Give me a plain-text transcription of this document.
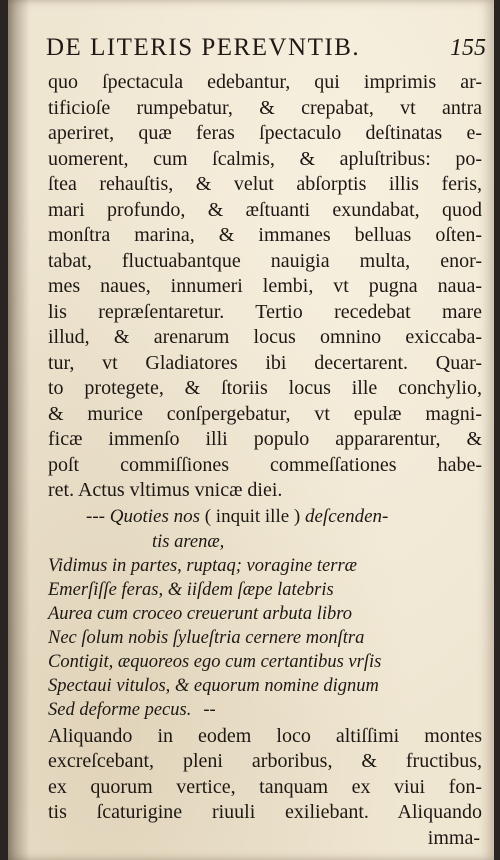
DE LITERIS PEREVNTIB.	155
quo ſpectacula edebantur, qui imprimis ar-
tificioſe rumpebatur, & crepabat, vt antra
aperiret, quæ feras ſpectaculo deſtinatas e-
uomerent, cum ſcalmis, & apluſtribus: po-
ſtea rehauſtis, & velut abſorptis illis feris,
mari profundo, & æſtuanti exundabat, quod
monſtra marina, & immanes belluas oſten-
tabat, fluctuabantque nauigia multa, enor-
mes naues, innumeri lembi, vt pugna naua-
lis repræſentaretur. Tertio recedebat mare
illud, & arenarum locus omnino exiccaba-
tur, vt Gladiatores ibi decertarent. Quar-
to protegete, & ſtoriis locus ille conchylio,
& murice conſpergebatur, vt epulæ magni-
ficæ immenſo illi populo appararentur, &
poſt commiſſiones commeſſationes habe-
ret. Actus vltimus vnicæ diei.
--- Quoties nos ( inquit ille ) deſcenden-
tis arenæ,
Vidimus in partes, ruptaq; voragine terræ
Emerſiſſe feras, & iiſdem ſæpe latebris
Aurea cum croceo creuerunt arbuta libro
Nec ſolum nobis ſylueſtria cernere monſtra
Contigit, æquoreos ego cum certantibus vrſis
Spectaui vitulos, & equorum nomine dignum
Sed deforme pecus. --
Aliquando in eodem loco altiſſimi montes
excreſcebant, pleni arboribus, & fructibus,
ex quorum vertice, tanquam ex viui fon-
tis ſcaturigine riuuli exiliebant. Aliquando
imma-
